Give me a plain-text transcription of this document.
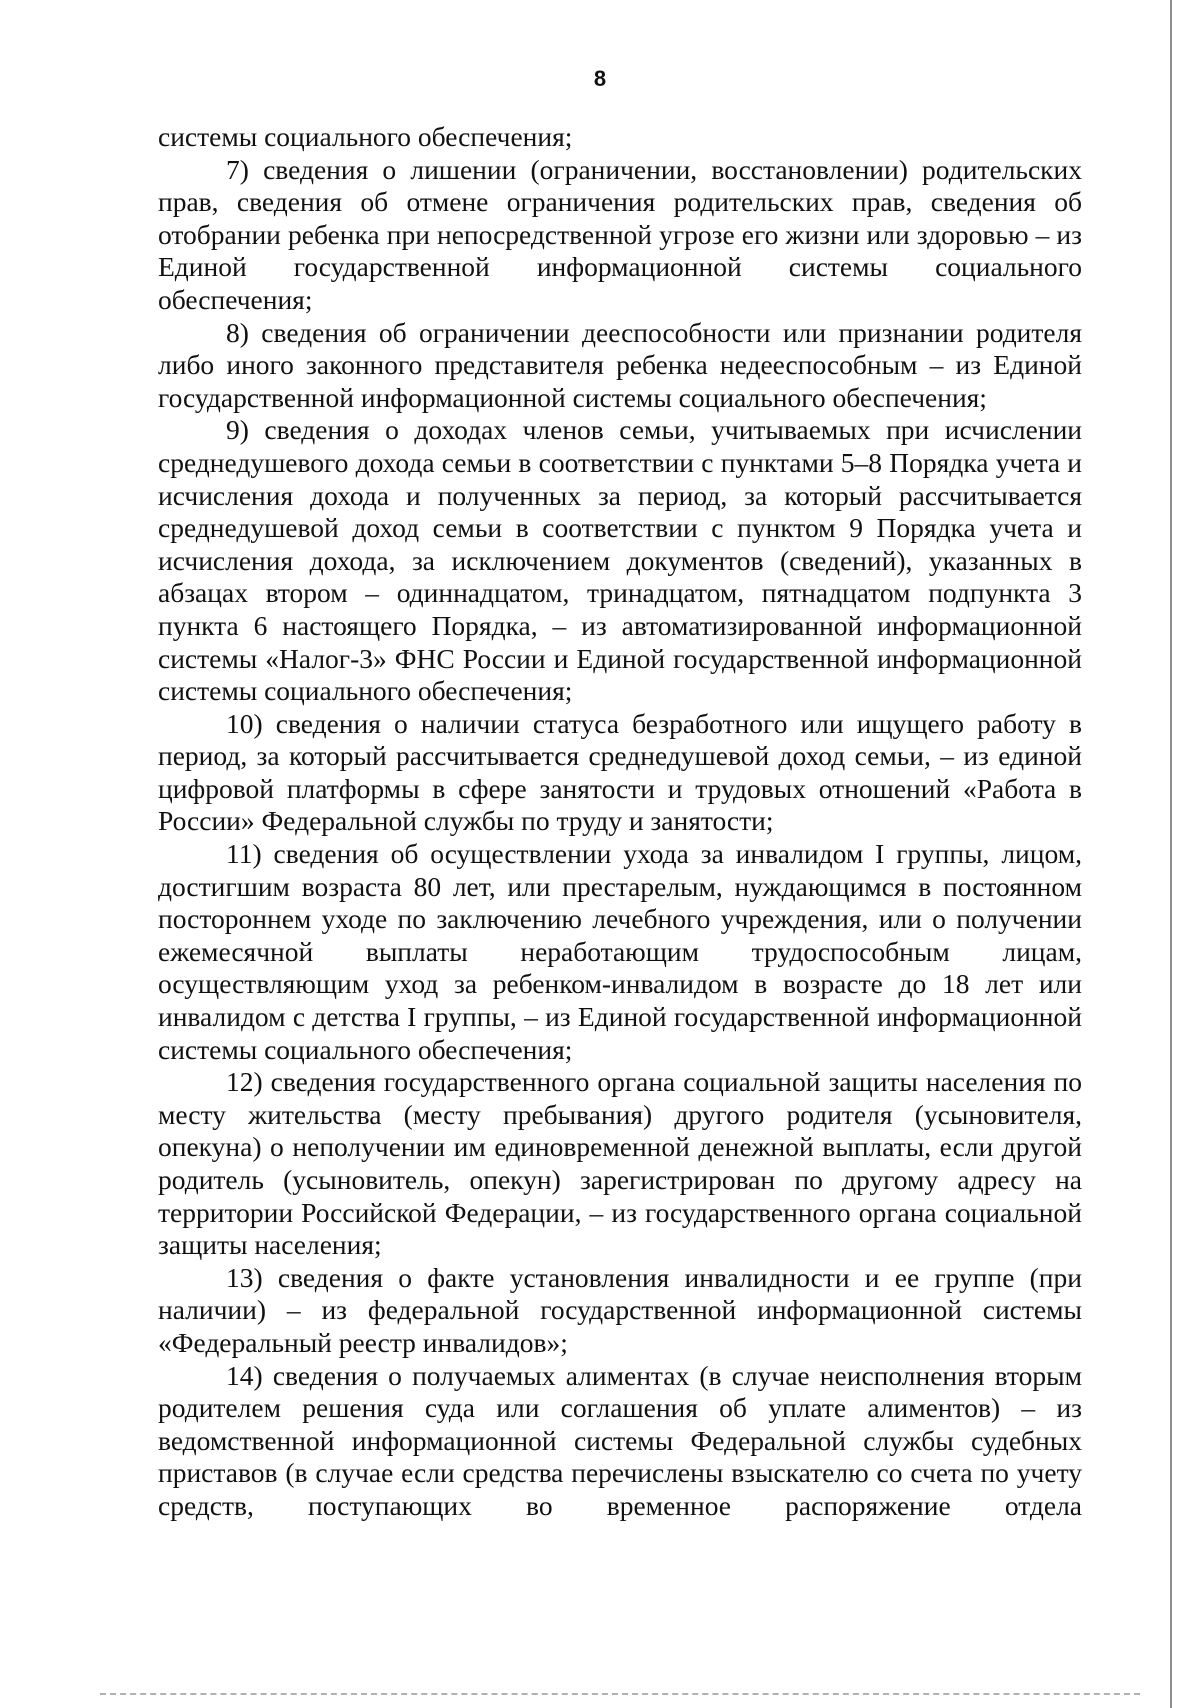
8

системы социального обеспечения;

7) сведения о лишении (ограничении, восстановлении) родительских прав, сведения об отмене ограничения родительских прав, сведения об отобрании ребенка при непосредственной угрозе его жизни или здоровью – из Единой государственной информационной системы социального обеспечения;

8) сведения об ограничении дееспособности или признании родителя либо иного законного представителя ребенка недееспособным – из Единой государственной информационной системы социального обеспечения;

9) сведения о доходах членов семьи, учитываемых при исчислении среднедушевого дохода семьи в соответствии с пунктами 5–8 Порядка учета и исчисления дохода и полученных за период, за который рассчитывается среднедушевой доход семьи в соответствии с пунктом 9 Порядка учета и исчисления дохода, за исключением документов (сведений), указанных в абзацах втором – одиннадцатом, тринадцатом, пятнадцатом подпункта 3 пункта 6 настоящего Порядка, – из автоматизированной информационной системы «Налог-3» ФНС России и Единой государственной информационной системы социального обеспечения;

10) сведения о наличии статуса безработного или ищущего работу в период, за который рассчитывается среднедушевой доход семьи, – из единой цифровой платформы в сфере занятости и трудовых отношений «Работа в России» Федеральной службы по труду и занятости;

11) сведения об осуществлении ухода за инвалидом I группы, лицом, достигшим возраста 80 лет, или престарелым, нуждающимся в постоянном постороннем уходе по заключению лечебного учреждения, или о получении ежемесячной выплаты неработающим трудоспособным лицам, осуществляющим уход за ребенком-инвалидом в возрасте до 18 лет или инвалидом с детства I группы, – из Единой государственной информационной системы социального обеспечения;

12) сведения государственного органа социальной защиты населения по месту жительства (месту пребывания) другого родителя (усыновителя, опекуна) о неполучении им единовременной денежной выплаты, если другой родитель (усыновитель, опекун) зарегистрирован по другому адресу на территории Российской Федерации, – из государственного органа социальной защиты населения;

13) сведения о факте установления инвалидности и ее группе (при наличии) – из федеральной государственной информационной системы «Федеральный реестр инвалидов»;

14) сведения о получаемых алиментах (в случае неисполнения вторым родителем решения суда или соглашения об уплате алиментов) – из ведомственной информационной системы Федеральной службы судебных приставов (в случае если средства перечислены взыскателю со счета по учету средств, поступающих во временное распоряжение отдела
